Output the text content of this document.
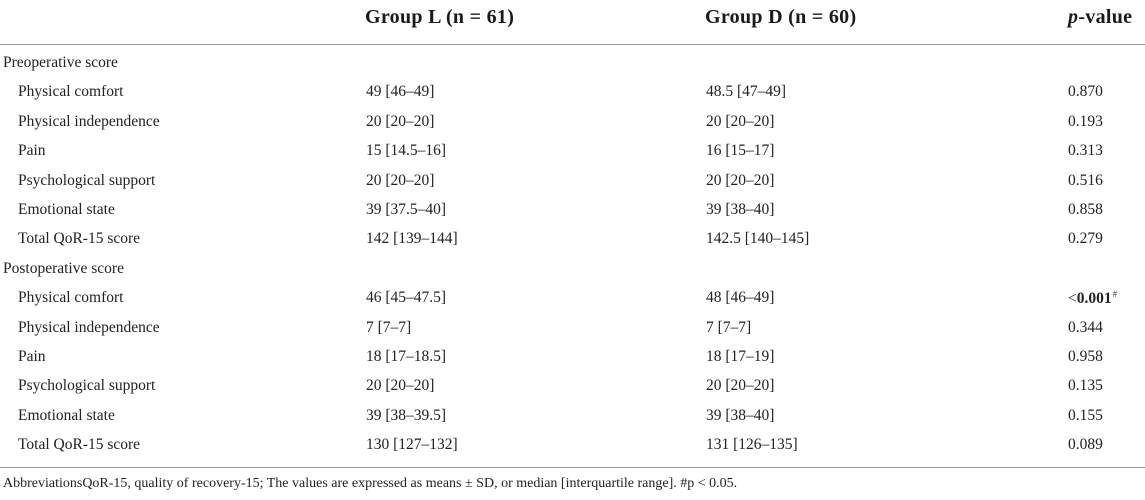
Group L (n = 61)	Group D (n = 60)	p-value
Preoperative score
Physical comfort	49 [46–49]	48.5 [47–49]	0.870
Physical independence	20 [20–20]	20 [20–20]	0.193
Pain	15 [14.5–16]	16 [15–17]	0.313
Psychological support	20 [20–20]	20 [20–20]	0.516
Emotional state	39 [37.5–40]	39 [38–40]	0.858
Total QoR-15 score	142 [139–144]	142.5 [140–145]	0.279
Postoperative score
Physical comfort	46 [45–47.5]	48 [46–49]	<0.001#
Physical independence	7 [7–7]	7 [7–7]	0.344
Pain	18 [17–18.5]	18 [17–19]	0.958
Psychological support	20 [20–20]	20 [20–20]	0.135
Emotional state	39 [38–39.5]	39 [38–40]	0.155
Total QoR-15 score	130 [127–132]	131 [126–135]	0.089
AbbreviationsQoR-15, quality of recovery-15; The values are expressed as means ± SD, or median [interquartile range]. #p < 0.05.
